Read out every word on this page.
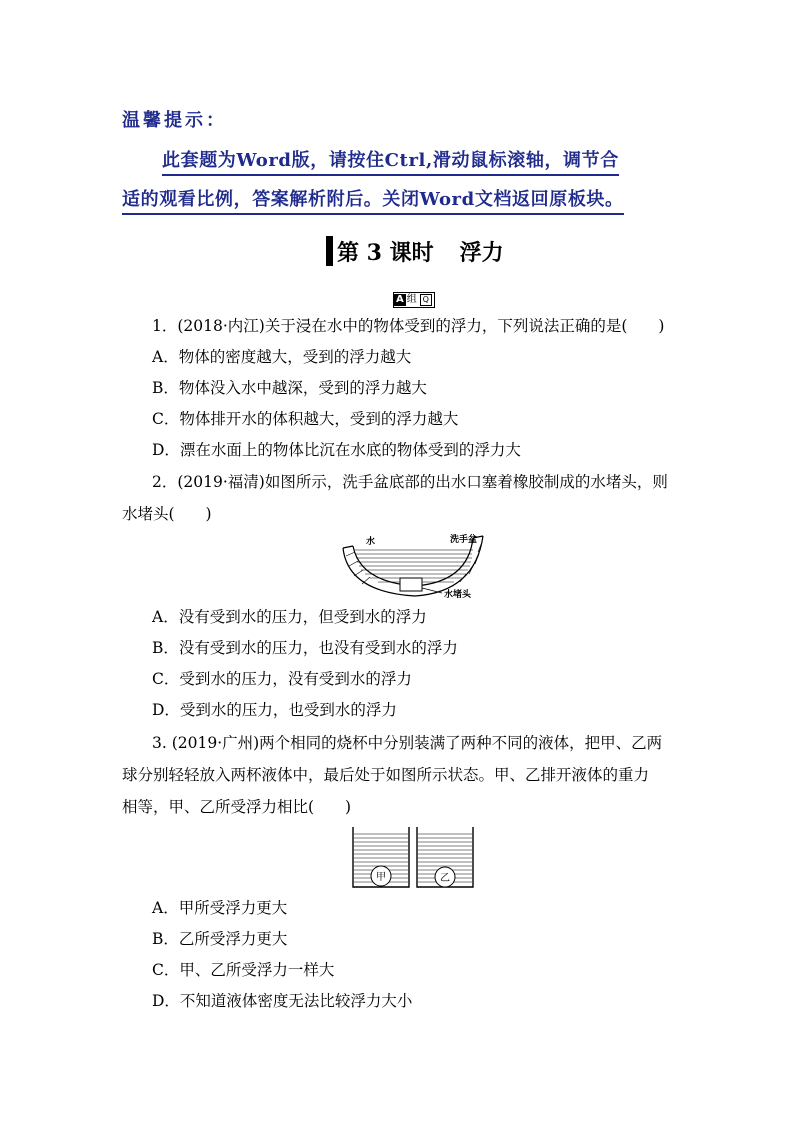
温馨提示：
此套题为Word版，请按住Ctrl,滑动鼠标滚轴，调节合
适的观看比例，答案解析附后。关闭Word文档返回原板块。
第 3 课时 浮力
A 组 Q
1．(2018·内江)关于浸在水中的物体受到的浮力，下列说法正确的是(　　)
A．物体的密度越大，受到的浮力越大
B．物体没入水中越深，受到的浮力越大
C．物体排开水的体积越大，受到的浮力越大
D．漂在水面上的物体比沉在水底的物体受到的浮力大
2．(2019·福清)如图所示，洗手盆底部的出水口塞着橡胶制成的水堵头，则
水堵头(　　)
水	洗手盆
水堵头
A．没有受到水的压力，但受到水的浮力
B．没有受到水的压力，也没有受到水的浮力
C．受到水的压力，没有受到水的浮力
D．受到水的压力，也受到水的浮力
3. (2019·广州)两个相同的烧杯中分别装满了两种不同的液体，把甲、乙两
球分别轻轻放入两杯液体中，最后处于如图所示状态。甲、乙排开液体的重力
相等，甲、乙所受浮力相比(　　)
甲	乙
A．甲所受浮力更大
B．乙所受浮力更大
C．甲、乙所受浮力一样大
D．不知道液体密度无法比较浮力大小
